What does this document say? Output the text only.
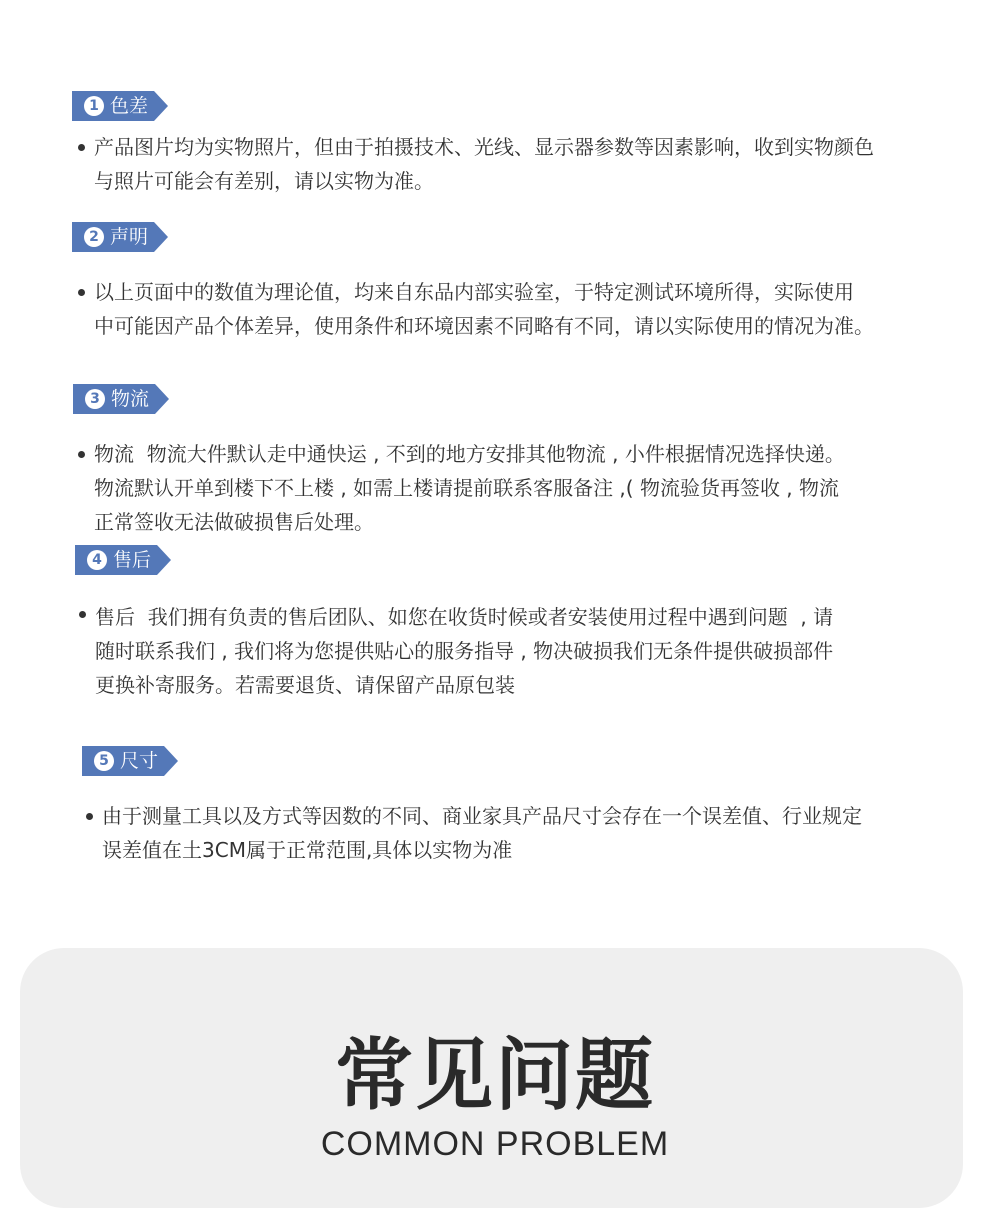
1 色差
产品图片均为实物照片，但由于拍摄技术、光线、显示器参数等因素影响，收到实物颜色
与照片可能会有差别，请以实物为准。
2 声明
以上页面中的数值为理论值，均来自东品内部实验室，于特定测试环境所得，实际使用
中可能因产品个体差异，使用条件和环境因素不同略有不同，请以实际使用的情况为准。
3 物流
物流  物流大件默认走中通快运 , 不到的地方安排其他物流 , 小件根据情况选择快递。
物流默认开单到楼下不上楼 , 如需上楼请提前联系客服备注 ,( 物流验货再签收 , 物流
正常签收无法做破损售后处理。
4 售后
售后  我们拥有负责的售后团队、如您在收货时候或者安装使用过程中遇到问题  , 请
随时联系我们 , 我们将为您提供贴心的服务指导 , 物决破损我们无条件提供破损部件
更换补寄服务。若需要退货、请保留产品原包装
5 尺寸
由于测量工具以及方式等因数的不同、商业家具产品尺寸会存在一个误差值、行业规定
误差值在土3CM属于正常范围,具体以实物为准
常见问题
COMMON PROBLEM
